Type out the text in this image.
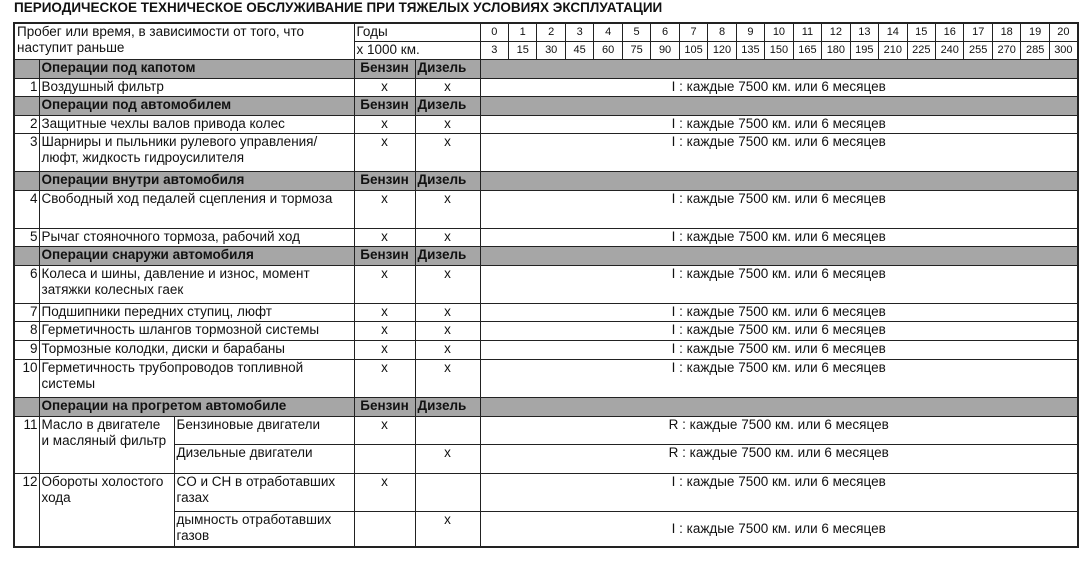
ПЕРИОДИЧЕСКОЕ ТЕХНИЧЕСКОЕ ОБСЛУЖИВАНИЕ ПРИ ТЯЖЕЛЫХ УСЛОВИЯХ ЭКСПЛУАТАЦИИ
Пробег или время, в зависимости от того, что наступит раньше			Годы		0	1	2	3	4	5	6	7	8	9	10	11	12	13	14	15	16	17	18	19	20
			x 1000 км.		3	15	30	45	60	75	90	105	120	135	150	165	180	195	210	225	240	255	270	285	300
	Операции под капотом		Бензин	Дизель																					
1	Воздушный фильтр		x	x	I : каждые 7500 км. или 6 месяцев																				
	Операции под автомобилем		Бензин	Дизель																					
2	Защитные чехлы валов привода колес		x	x	I : каждые 7500 км. или 6 месяцев																				
3	Шарниры и пыльники рулевого управления/ люфт, жидкость гидроусилителя		x	x	I : каждые 7500 км. или 6 месяцев																				
	Операции внутри автомобиля		Бензин	Дизель																					
4	Свободный ход педалей сцепления и тормоза		x	x	I : каждые 7500 км. или 6 месяцев																				
5	Рычаг стояночного тормоза, рабочий ход		x	x	I : каждые 7500 км. или 6 месяцев																				
	Операции снаружи автомобиля		Бензин	Дизель																					
6	Колеса и шины, давление и износ, момент затяжки колесных гаек		x	x	I : каждые 7500 км. или 6 месяцев																				
7	Подшипники передних ступиц, люфт		x	x	I : каждые 7500 км. или 6 месяцев																				
8	Герметичность шлангов тормозной системы		x	x	I : каждые 7500 км. или 6 месяцев																				
9	Тормозные колодки, диски и барабаны		x	x	I : каждые 7500 км. или 6 месяцев																				
10	Герметичность трубопроводов топливной системы		x	x	I : каждые 7500 км. или 6 месяцев																				
	Операции на прогретом автомобиле		Бензин	Дизель																					
11	Масло в двигателе и масляный фильтр	Бензиновые двигатели	x		R : каждые 7500 км. или 6 месяцев																				
		Дизельные двигатели		x	R : каждые 7500 км. или 6 месяцев																				
12	Обороты холостого хода	CO и CH в отработавших газах	x		I : каждые 7500 км. или 6 месяцев																				
		дымность отработавших газов		x	I : каждые 7500 км. или 6 месяцев																				
